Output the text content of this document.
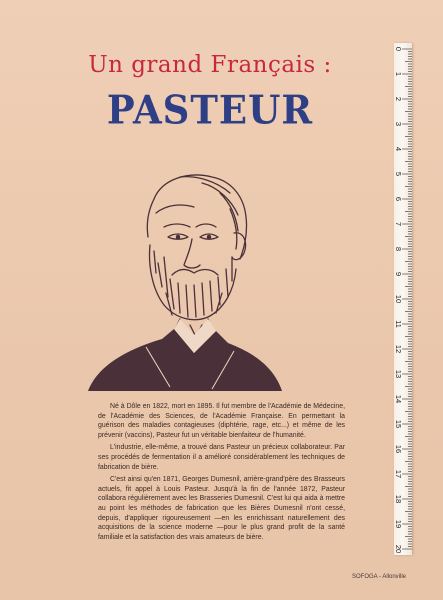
Un grand Français :
PASTEUR

Né à Dôle en 1822, mort en 1895. Il fut membre de l'Académie de Médecine, de l'Académie des Sciences, de l'Académie Française. En permettant la guérison des maladies contagieuses (diphtérie, rage, etc...) et même de les prévenir (vaccins), Pasteur fut un véritable bienfaiteur de l'humanité.

L'industrie, elle-même, a trouvé dans Pasteur un précieux collaborateur. Par ses procédés de fermentation il a amélioré considérablement les techniques de fabrication de bière.

C'est ainsi qu'en 1871, Georges Dumesnil, arrière-grand'père des Brasseurs actuels, fit appel à Louis Pasteur. Jusqu'à la fin de l'année 1872, Pasteur collabora régulièrement avec les Brasseries Dumesnil. C'est lui qui aida à mettre au point les méthodes de fabrication que les Bières Dumesnil n'ont cessé, depuis, d'appliquer rigoureusement —en les enrichissant naturellement des acquisitions de la science moderne —pour le plus grand profit de la santé familiale et la satisfaction des vrais amateurs de bière.

SOFOGA - Allonville
0
1
2
3
4
5
6
7
8
9
10
11
12
13
14
15
16
17
18
19
20
